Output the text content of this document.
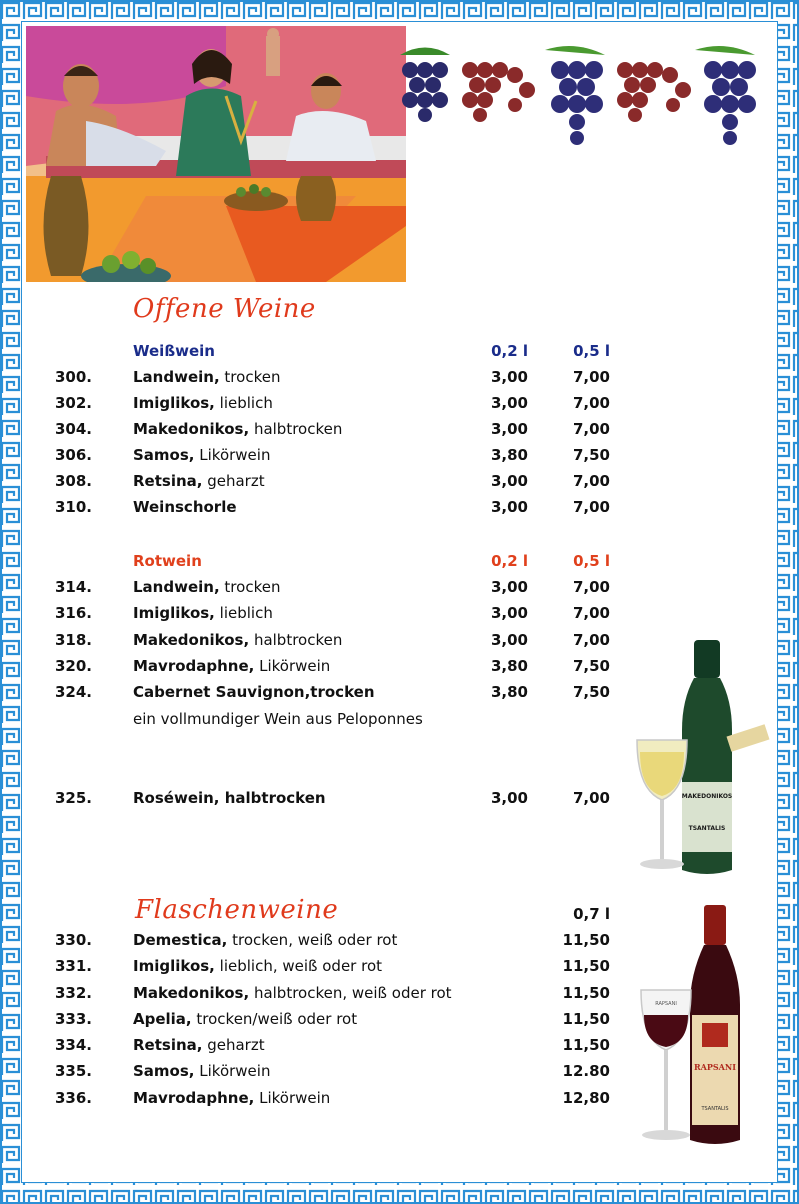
Offene Weine
Weißwein	0,2 l	0,5 l
300.	Landwein, trocken	3,00	7,00
302.	Imiglikos, lieblich	3,00	7,00
304.	Makedonikos, halbtrocken	3,00	7,00
306.	Samos, Likörwein	3,80	7,50
308.	Retsina, geharzt	3,00	7,00
310.	Weinschorle	3,00	7,00
Rotwein	0,2 l	0,5 l
314.	Landwein, trocken	3,00	7,00
316.	Imiglikos, lieblich	3,00	7,00
318.	Makedonikos, halbtrocken	3,00	7,00
320.	Mavrodaphne, Likörwein	3,80	7,50
324.	Cabernet Sauvignon,trocken	3,80	7,50
ein vollmundiger Wein aus Peloponnes
325.	Roséwein, halbtrocken	3,00	7,00	MAKEDONIKOS
TSANTALIS
Flaschenweine	0,7 l
330.	Demestica, trocken, weiß oder rot	11,50
331.	Imiglikos, lieblich, weiß oder rot	11,50
332.	Makedonikos, halbtrocken, weiß oder rot	11,50
333.	Apelia, trocken/weiß oder rot	11,50
334.	Retsina, geharzt	11,50
335.	Samos, Likörwein	12.80
336.	Mavrodaphne, Likörwein	12,80
RAPSANI
TSANTALIS
RAPSANI
